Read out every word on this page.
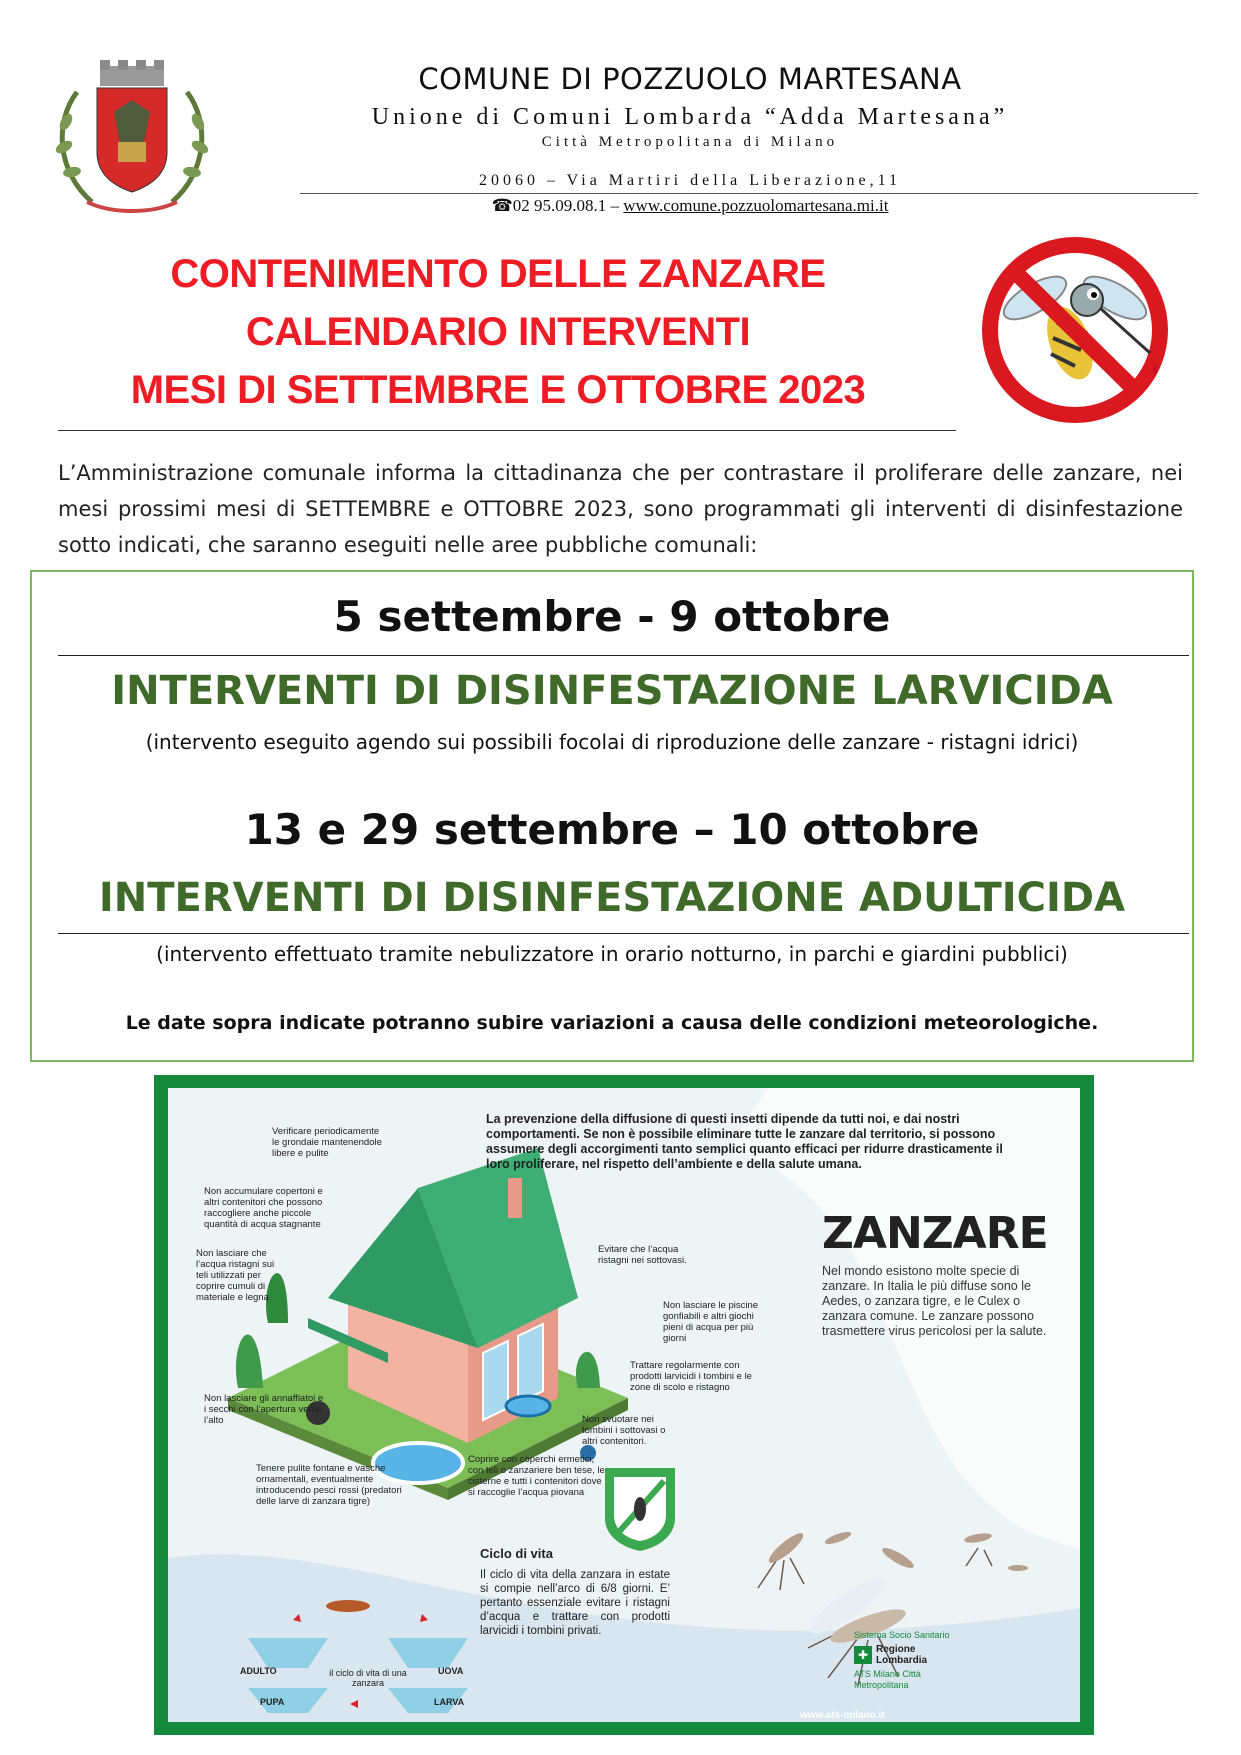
COMUNE DI POZZUOLO MARTESANA
Unione di Comuni Lombarda “Adda Martesana”
Città Metropolitana di Milano
20060 – Via Martiri della Liberazione,11
☎02 95.09.08.1 – www.comune.pozzuolomartesana.mi.it
CONTENIMENTO DELLE ZANZARE
CALENDARIO INTERVENTI
MESI DI SETTEMBRE E OTTOBRE 2023
L’Amministrazione comunale informa la cittadinanza che per contrastare il proliferare delle zanzare, nei mesi prossimi mesi di SETTEMBRE e OTTOBRE 2023, sono programmati gli interventi di disinfestazione sotto indicati, che saranno eseguiti nelle aree pubbliche comunali:
5 settembre - 9 ottobre
INTERVENTI DI DISINFESTAZIONE LARVICIDA
(intervento eseguito agendo sui possibili focolai di riproduzione delle zanzare - ristagni idrici)
13 e 29 settembre – 10 ottobre
INTERVENTI DI DISINFESTAZIONE ADULTICIDA
(intervento effettuato tramite nebulizzatore in orario notturno, in parchi e giardini pubblici)
Le date sopra indicate potranno subire variazioni a causa delle condizioni meteorologiche.
La prevenzione della diffusione di questi insetti dipende da tutti noi, e dai nostri comportamenti. Se non è possibile eliminare tutte le zanzare dal territorio, si possono assumere degli accorgimenti tanto semplici quanto efficaci per ridurre drasticamente il loro proliferare, nel rispetto dell’ambiente e della salute umana.
ZANZARE
Nel mondo esistono molte specie di zanzare. In Italia le più diffuse sono le Aedes, o zanzara tigre, e le Culex o zanzara comune. Le zanzare possono trasmettere virus pericolosi per la salute.
Verificare periodicamente le grondaie mantenendole libere e pulite
Non accumulare copertoni e altri contenitori che possono raccogliere anche piccole quantità di acqua stagnante
Non lasciare che l’acqua ristagni sui teli utilizzati per coprire cumuli di materiale e legna
Non lasciare gli annaffiatoi e i secchi con l’apertura verso l’alto
Tenere pulite fontane e vasche ornamentali, eventualmente introducendo pesci rossi (predatori delle larve di zanzara tigre)
Evitare che l’acqua ristagni nei sottovasi.
Non lasciare le piscine gonfiabili e altri giochi pieni di acqua per più giorni
Trattare regolarmente con prodotti larvicidi i tombini e le zone di scolo e ristagno
Non svuotare nei tombini i sottovasi o altri contenitori.
Coprire con coperchi ermetici, con teli o zanzariere ben tese, le cisterne e tutti i contenitori dove si raccoglie l’acqua piovana
il ciclo di vita di una zanzara
ADULTO	UOVA
PUPA	LARVA
Ciclo di vita
Il ciclo di vita della zanzara in estate si compie nell’arco di 6/8 giorni. E’ pertanto essenziale evitare i ristagni d’acqua e trattare con prodotti larvicidi i tombini privati.	Sistema Socio Sanitario
✚ Regione Lombardia
ATS Milano Città Metropolitana
www.ats-milano.it
